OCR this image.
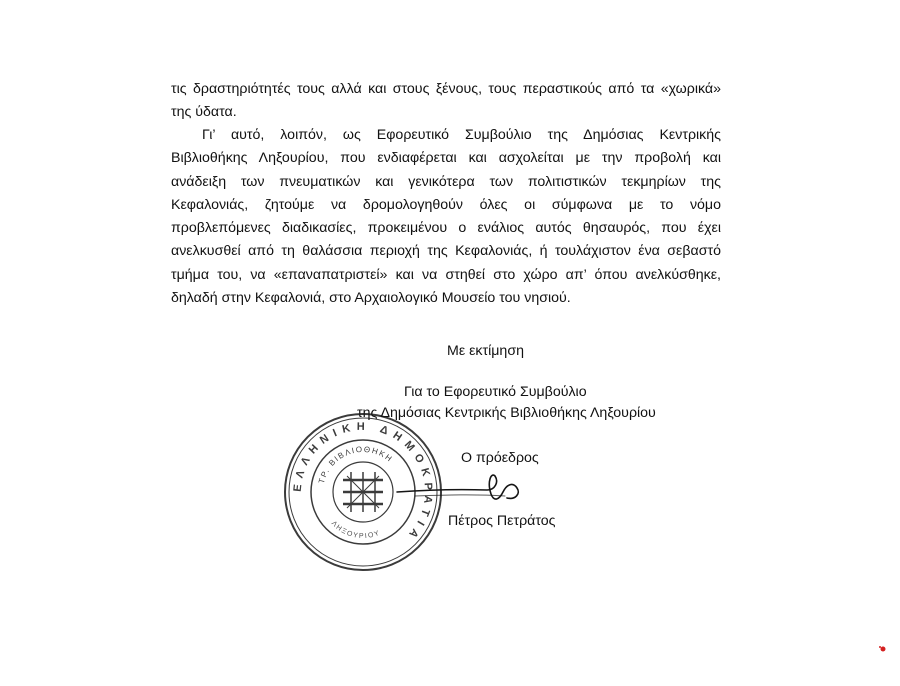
τις δραστηριότητές τους αλλά και στους ξένους, τους περαστικούς από τα «χωρικά»
της ύδατα.
Γι’ αυτό, λοιπόν, ως Εφορευτικό Συμβούλιο της Δημόσιας Κεντρικής
Βιβλιοθήκης Ληξουρίου, που ενδιαφέρεται και ασχολείται με την προβολή και
ανάδειξη των πνευματικών και γενικότερα των πολιτιστικών τεκμηρίων της
Κεφαλονιάς, ζητούμε να δρομολογηθούν όλες οι σύμφωνα με το νόμο
προβλεπόμενες διαδικασίες, προκειμένου ο ενάλιος αυτός θησαυρός, που έχει
ανελκυσθεί από τη θαλάσσια περιοχή της Κεφαλονιάς, ή τουλάχιστον ένα σεβαστό
τμήμα του, να «επαναπατριστεί» και να στηθεί στο χώρο απ’ όπου ανελκύσθηκε,
δηλαδή στην Κεφαλονιά, στο Αρχαιολογικό Μουσείο του νησιού.
Με εκτίμηση
Για το Εφορευτικό Συμβούλιο
της Δημόσιας Κεντρικής Βιβλιοθήκης Ληξουρίου
Ο πρόεδρος
Πέτρος Πετράτος
ΕΛΛΗΝΙΚΗ ΔΗΜΟΚΡΑΤΙΑ
ΤΡ. ΒΙΒΛΙΟΘΗΚΗ
ΛΗΞΟΥΡΙΟΥ
